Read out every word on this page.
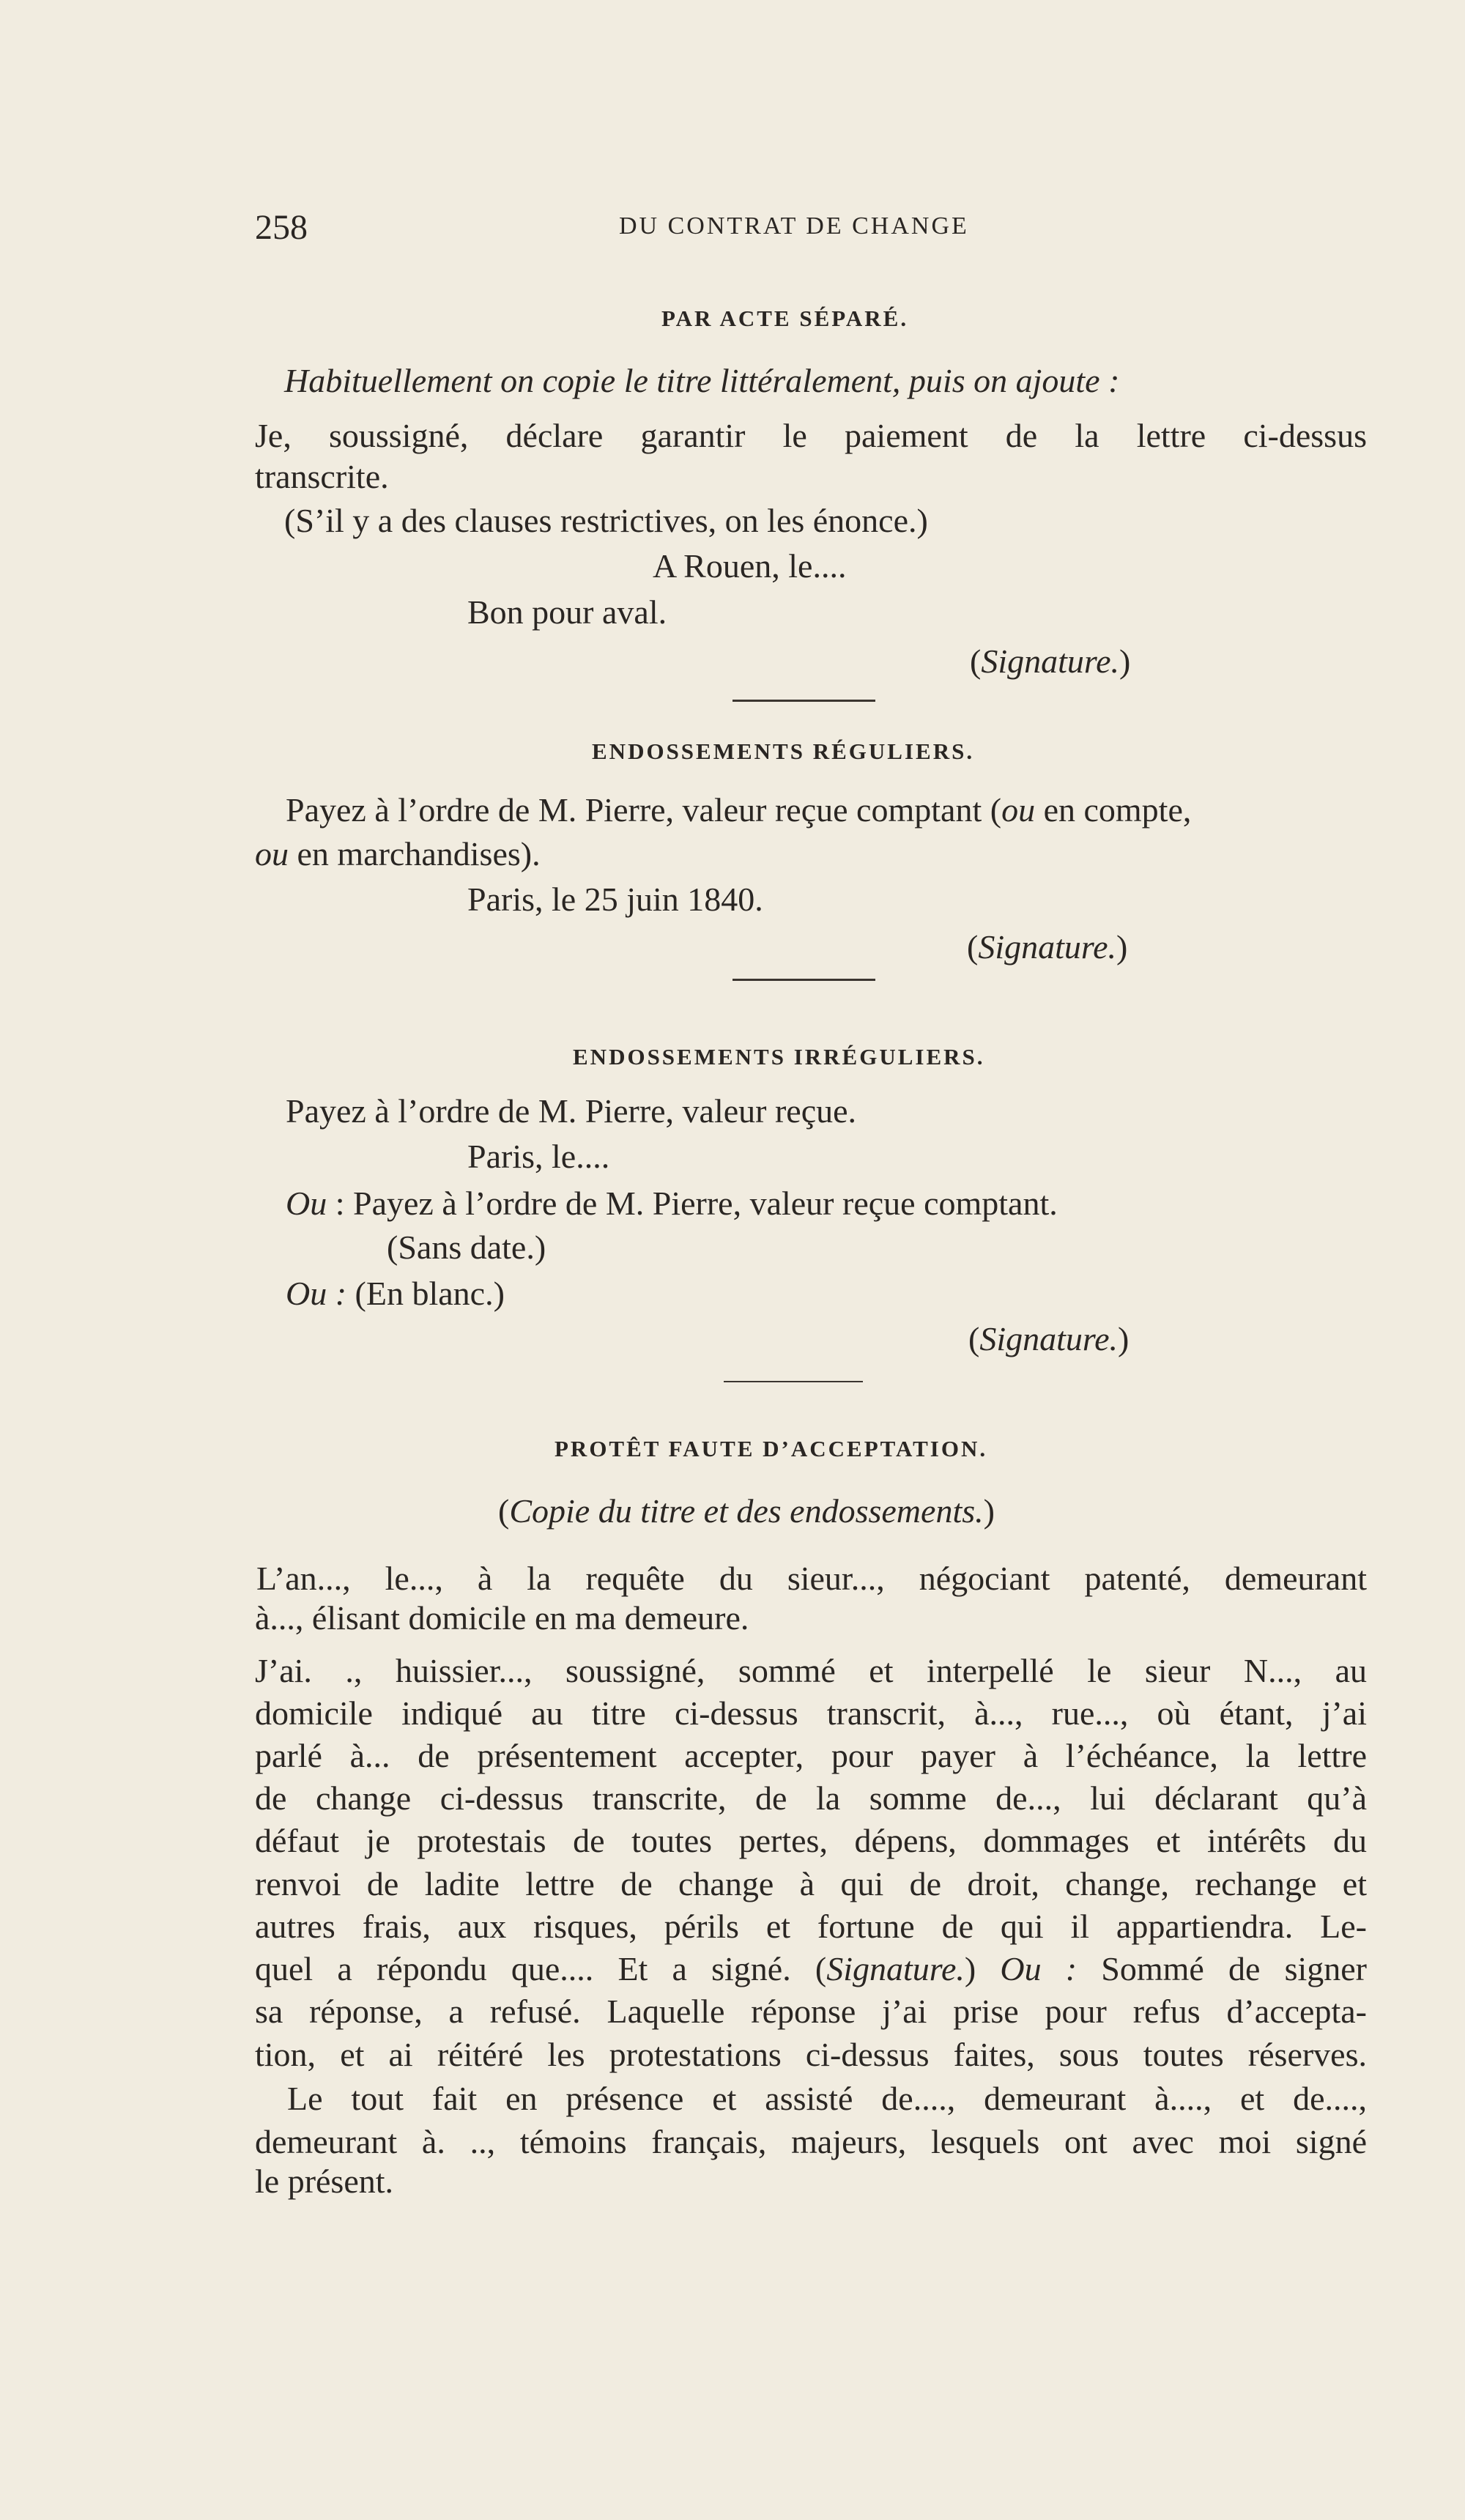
258	DU CONTRAT DE CHANGE
PAR ACTE SÉPARÉ.
Habituellement on copie le titre littéralement, puis on ajoute :
Je, soussigné, déclare garantir le paiement de la lettre ci-dessus
transcrite.
(S’il y a des clauses restrictives, on les énonce.)
A Rouen, le....
Bon pour aval.
(Signature.)
ENDOSSEMENTS RÉGULIERS.
Payez à l’ordre de M. Pierre, valeur reçue comptant (ou en compte,
ou en marchandises).
Paris, le 25 juin 1840.
(Signature.)
ENDOSSEMENTS IRRÉGULIERS.
Payez à l’ordre de M. Pierre, valeur reçue.
Paris, le....
Ou : Payez à l’ordre de M. Pierre, valeur reçue comptant.
(Sans date.)
Ou : (En blanc.)
(Signature.)
PROTÊT FAUTE D’ACCEPTATION.
(Copie du titre et des endossements.)
L’an..., le..., à la requête du sieur..., négociant patenté, demeurant
à..., élisant domicile en ma demeure.
J’ai. ., huissier..., soussigné, sommé et interpellé le sieur N..., au
domicile indiqué au titre ci-dessus transcrit, à..., rue..., où étant, j’ai
parlé à... de présentement accepter, pour payer à l’échéance, la lettre
de change ci-dessus transcrite, de la somme de..., lui déclarant qu’à
défaut je protestais de toutes pertes, dépens, dommages et intérêts du
renvoi de ladite lettre de change à qui de droit, change, rechange et
autres frais, aux risques, périls et fortune de qui il appartiendra. Le-
quel a répondu que.... Et a signé. (Signature.) Ou : Sommé de signer
sa réponse, a refusé. Laquelle réponse j’ai prise pour refus d’accepta-
tion, et ai réitéré les protestations ci-dessus faites, sous toutes réserves.
Le tout fait en présence et assisté de...., demeurant à...., et de....,
demeurant à. .., témoins français, majeurs, lesquels ont avec moi signé
le présent.
